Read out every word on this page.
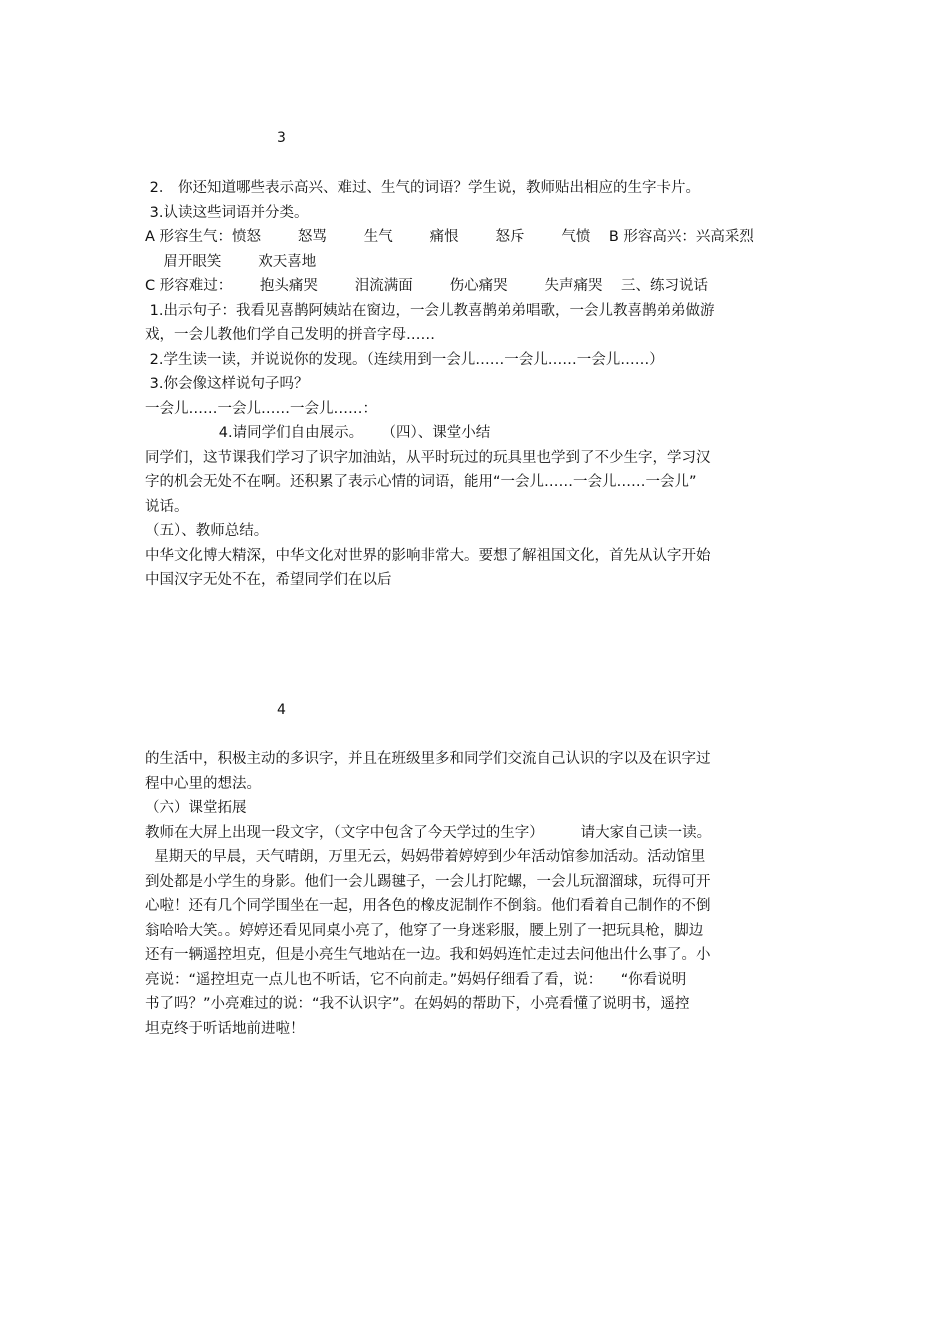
3
2． 你还知道哪些表示高兴、难过、生气的词语？学生说，教师贴出相应的生字卡片。
3.认读这些词语并分类。
A 形容生气：愤怒        怒骂        生气        痛恨        怒斥        气愤    B 形容高兴：兴高采烈
眉开眼笑        欢天喜地
C 形容难过：      抱头痛哭        泪流满面        伤心痛哭        失声痛哭    三、练习说话
1.出示句子：我看见喜鹊阿姨站在窗边，一会儿教喜鹊弟弟唱歌，一会儿教喜鹊弟弟做游
戏，一会儿教他们学自己发明的拼音字母……
2.学生读一读，并说说你的发现。（连续用到一会儿……一会儿……一会儿……）
3.你会像这样说句子吗？
一会儿……一会儿……一会儿……：
4.请同学们自由展示。    （四）、课堂小结
同学们，这节课我们学习了识字加油站，从平时玩过的玩具里也学到了不少生字，学习汉
字的机会无处不在啊。还积累了表示心情的词语，能用“一会儿……一会儿……一会儿”
说话。
（五）、教师总结。
中华文化博大精深，中华文化对世界的影响非常大。要想了解祖国文化，首先从认字开始
中国汉字无处不在，希望同学们在以后
4
的生活中，积极主动的多识字，并且在班级里多和同学们交流自己认识的字以及在识字过
程中心里的想法。
（六）课堂拓展
教师在大屏上出现一段文字，（文字中包含了今天学过的生字）        请大家自己读一读。
星期天的早晨，天气晴朗，万里无云，妈妈带着婷婷到少年活动馆参加活动。活动馆里
到处都是小学生的身影。他们一会儿踢毽子，一会儿打陀螺，一会儿玩溜溜球，玩得可开
心啦！还有几个同学围坐在一起，用各色的橡皮泥制作不倒翁。他们看着自己制作的不倒
翁哈哈大笑。。婷婷还看见同桌小亮了，他穿了一身迷彩服，腰上别了一把玩具枪，脚边
还有一辆遥控坦克，但是小亮生气地站在一边。我和妈妈连忙走过去问他出什么事了。小
亮说：“遥控坦克一点儿也不听话，它不向前走。”妈妈仔细看了看，说：    “你看说明
书了吗？”小亮难过的说：“我不认识字”。在妈妈的帮助下，小亮看懂了说明书，遥控
坦克终于听话地前进啦！
